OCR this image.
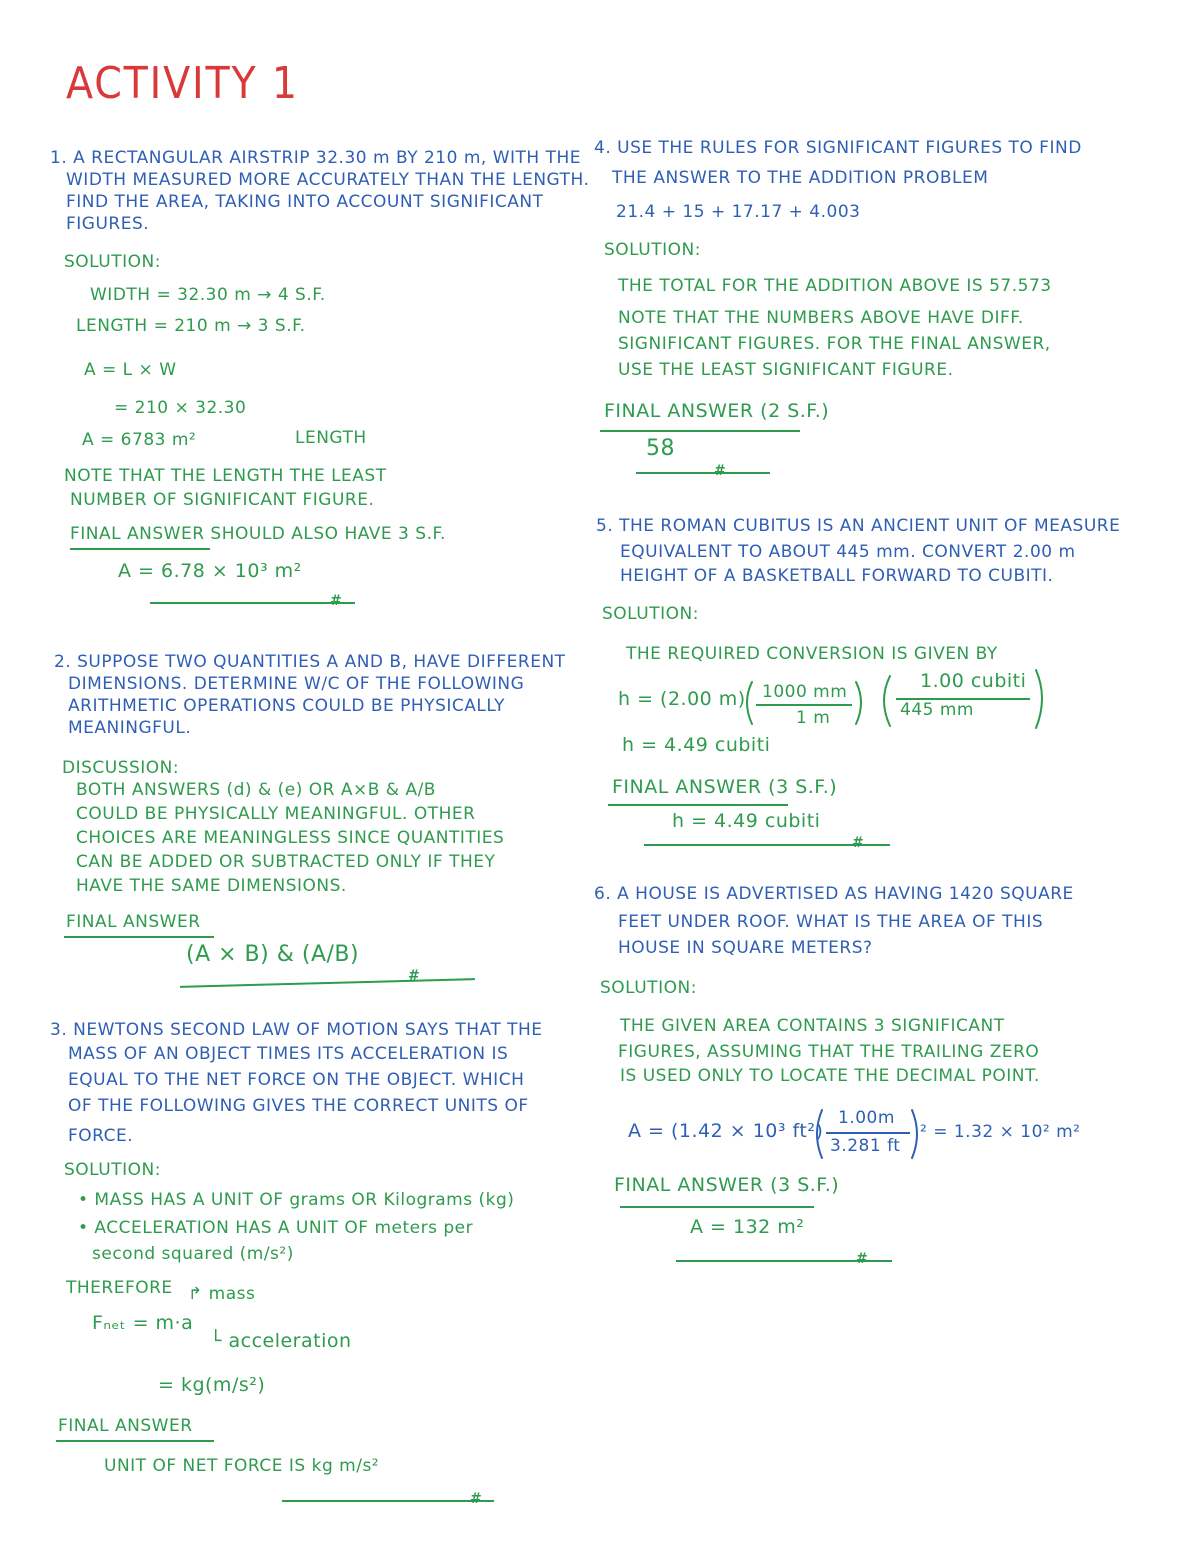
ACTIVITY 1
1. A RECTANGULAR AIRSTRIP 32.30 m BY 210 m, WITH THE
WIDTH MEASURED MORE ACCURATELY THAN THE LENGTH.
FIND THE AREA, TAKING INTO ACCOUNT SIGNIFICANT
FIGURES.
SOLUTION:
WIDTH = 32.30 m → 4 S.F.
LENGTH = 210 m → 3 S.F.
A = L × W
= 210 × 32.30
A = 6783 m²	LENGTH
NOTE THAT THE LENGTH THE LEAST
NUMBER OF SIGNIFICANT FIGURE.
FINAL ANSWER SHOULD ALSO HAVE 3 S.F.
A = 6.78 × 10³ m²
#
2. SUPPOSE TWO QUANTITIES A AND B, HAVE DIFFERENT
DIMENSIONS. DETERMINE W/C OF THE FOLLOWING
ARITHMETIC OPERATIONS COULD BE PHYSICALLY
MEANINGFUL.
DISCUSSION:
BOTH ANSWERS (d) & (e) OR A×B & A/B
COULD BE PHYSICALLY MEANINGFUL. OTHER
CHOICES ARE MEANINGLESS SINCE QUANTITIES
CAN BE ADDED OR SUBTRACTED ONLY IF THEY
HAVE THE SAME DIMENSIONS.
FINAL ANSWER
(A × B) & (A/B)
#
3. NEWTONS SECOND LAW OF MOTION SAYS THAT THE
MASS OF AN OBJECT TIMES ITS ACCELERATION IS
EQUAL TO THE NET FORCE ON THE OBJECT. WHICH
OF THE FOLLOWING GIVES THE CORRECT UNITS OF
FORCE.
SOLUTION:
• MASS HAS A UNIT OF grams OR Kilograms (kg)
• ACCELERATION HAS A UNIT OF meters per
second squared (m/s²)
THEREFORE ↱ mass
Fₙₑₜ = m·a
└ acceleration
= kg(m/s²)
FINAL ANSWER
UNIT OF NET FORCE IS kg m/s²
#
4. USE THE RULES FOR SIGNIFICANT FIGURES TO FIND
THE ANSWER TO THE ADDITION PROBLEM
21.4 + 15 + 17.17 + 4.003
SOLUTION:
THE TOTAL FOR THE ADDITION ABOVE IS 57.573
NOTE THAT THE NUMBERS ABOVE HAVE DIFF.
SIGNIFICANT FIGURES. FOR THE FINAL ANSWER,
USE THE LEAST SIGNIFICANT FIGURE.
FINAL ANSWER (2 S.F.)
58
#
5. THE ROMAN CUBITUS IS AN ANCIENT UNIT OF MEASURE
EQUIVALENT TO ABOUT 445 mm. CONVERT 2.00 m
HEIGHT OF A BASKETBALL FORWARD TO CUBITI.
SOLUTION:
THE REQUIRED CONVERSION IS GIVEN BY
h = (2.00 m) 1000 mm
1 m
1.00 cubiti
445 mm
h = 4.49 cubiti
FINAL ANSWER (3 S.F.)
h = 4.49 cubiti
#
6. A HOUSE IS ADVERTISED AS HAVING 1420 SQUARE
FEET UNDER ROOF. WHAT IS THE AREA OF THIS
HOUSE IN SQUARE METERS?
SOLUTION:
THE GIVEN AREA CONTAINS 3 SIGNIFICANT
FIGURES, ASSUMING THAT THE TRAILING ZERO
IS USED ONLY TO LOCATE THE DECIMAL POINT.
A = (1.42 × 10³ ft²)
1.00m
3.281 ft
² = 1.32 × 10² m²
FINAL ANSWER (3 S.F.)
A = 132 m²
#
